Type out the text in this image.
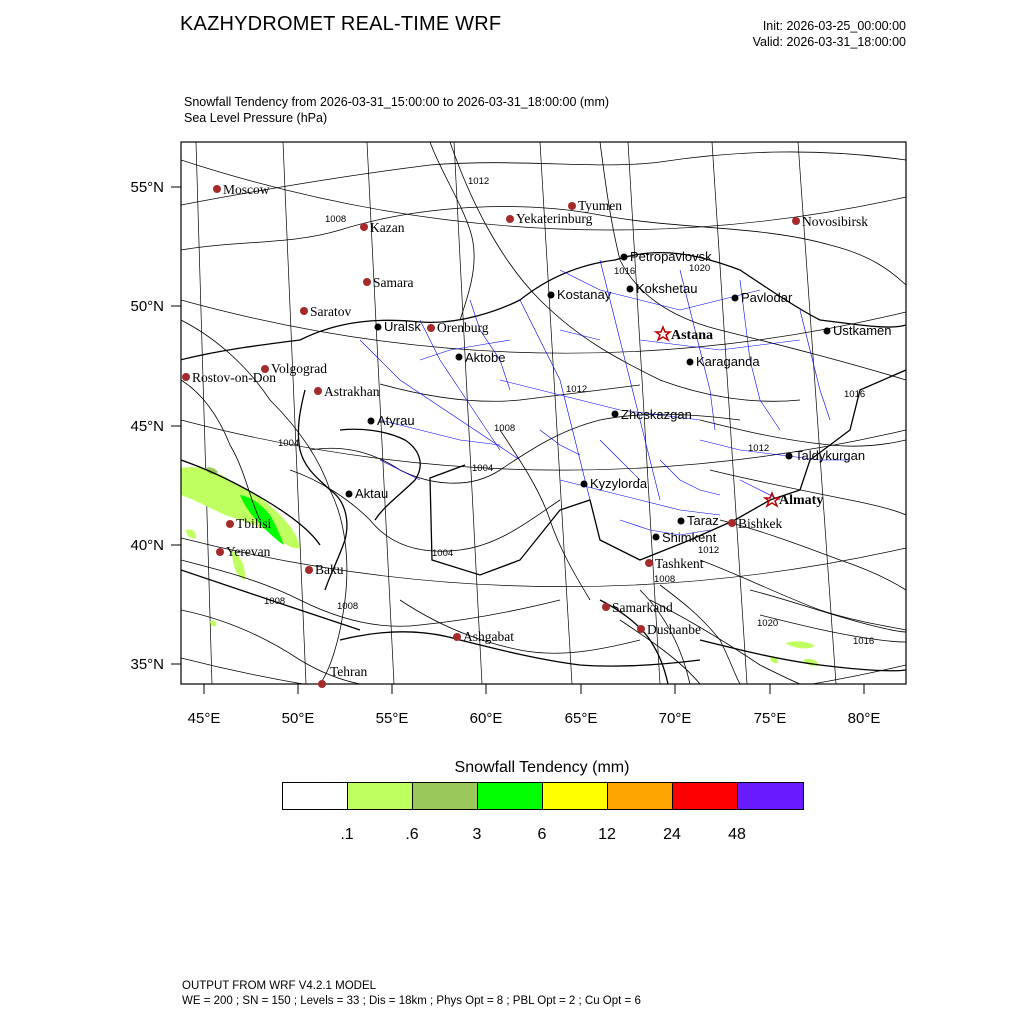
KAZHYDROMET REAL-TIME WRF	Init: 2026-03-25_00:00:00
Valid: 2026-03-31_18:00:00
Snowfall Tendency from 2026-03-31_15:00:00 to 2026-03-31_18:00:00 (mm)
Sea Level Pressure (hPa)
55°N
50°N
45°N
40°N
35°N
45°E	50°E	55°E	60°E	65°E	70°E	75°E	80°E
1012
1008
1016	1020
1012	1016
1008
1004	1012
1004
1004
1008	1008
1008
1012
1020
1016
Moscow
Kazan
Tyumen
Yekaterinburg	Novosibirsk
Samara
Saratov
Orenburg
Volgograd
Rostov-on-Don
Astrakhan
Tbilisi
Yerevan
Baku
Ashgabat
Tehran
Samarkand
Dushanbe
Tashkent
Bishkek
Petropavlovsk
Kostanay Kokshetau
Pavlodar
Ustkamen
Uralsk
Aktobe	Karaganda
Atyrau	Zheskazgan
Aktau
Kyzylorda
Taldykurgan
Taraz
Shimkent
Astana
Almaty
Snowfall Tendency (mm)
.1	.6	3	6	12	24	48
OUTPUT FROM WRF V4.2.1 MODEL
WE = 200 ; SN = 150 ; Levels = 33 ; Dis = 18km ; Phys Opt = 8 ; PBL Opt = 2 ; Cu Opt = 6
